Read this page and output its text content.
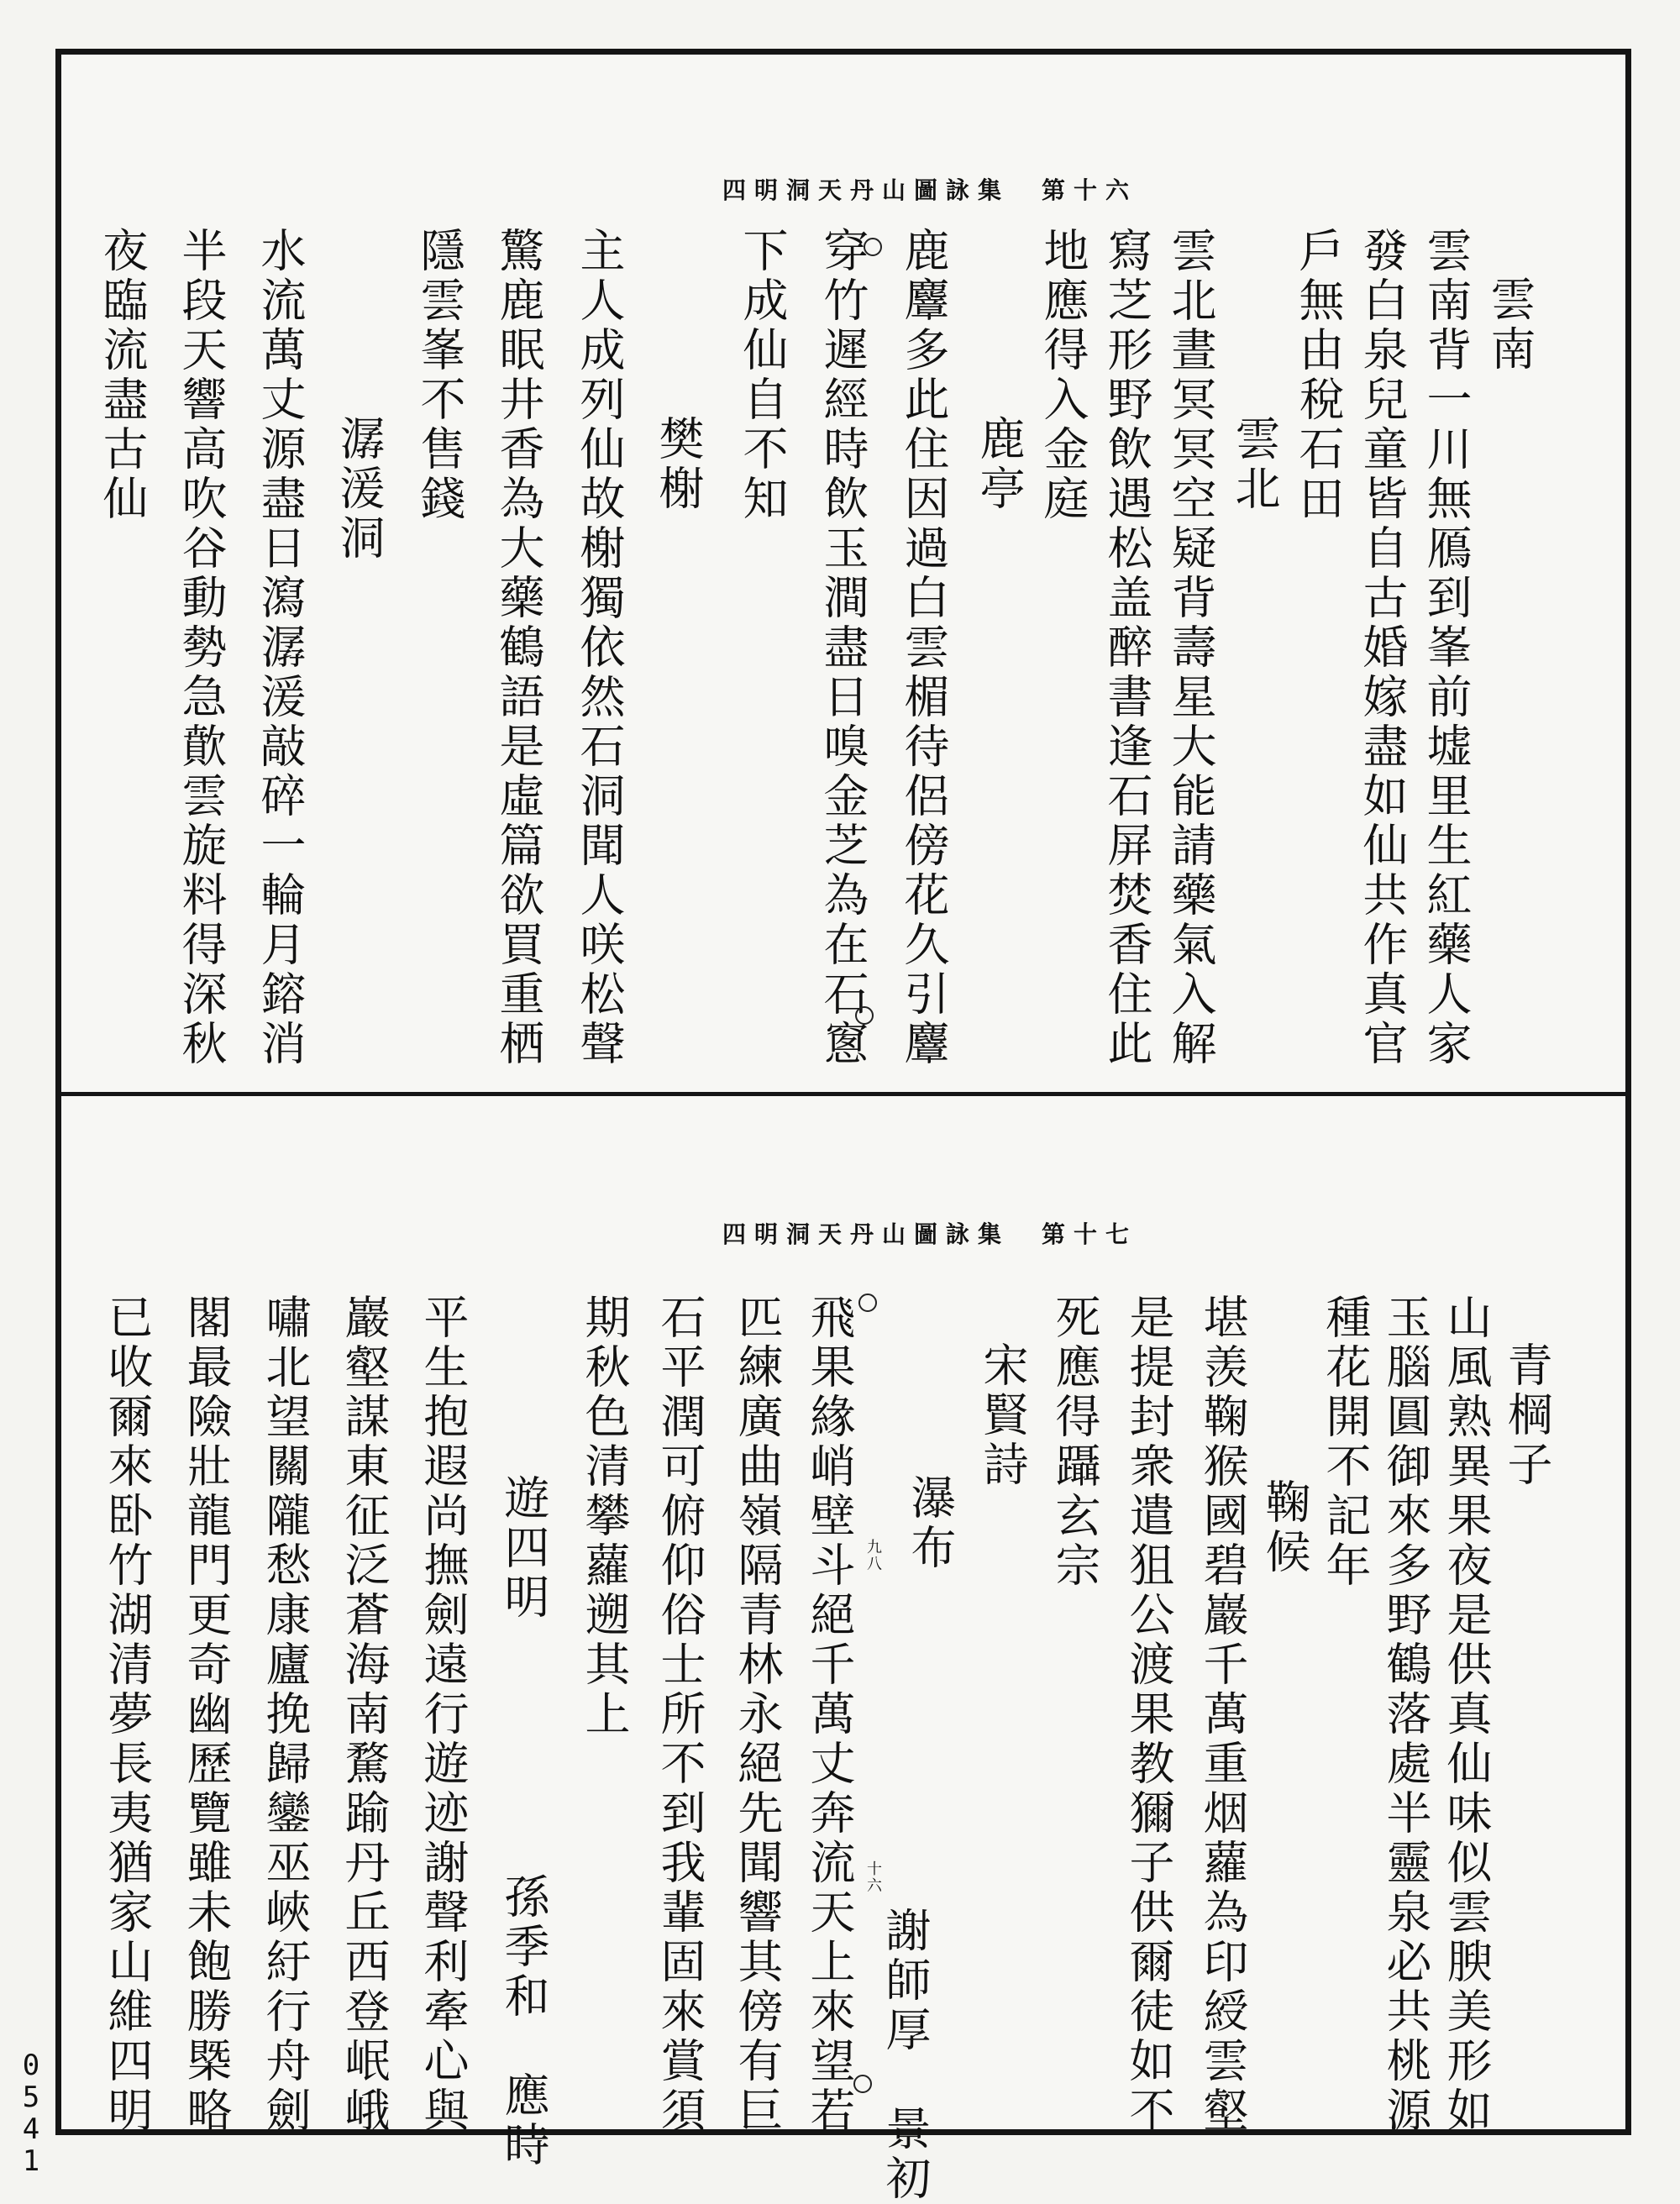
四明洞天丹山圖詠集　第十六
雲南
雲南背一川無鴈到峯前墟里生紅藥人家
發白泉兒童皆自古婚嫁盡如仙共作真官
戶無由稅石田
雲北
雲北晝冥冥空疑背壽星大能請藥氣入解
寫芝形野飲遇松盖醉書逢石屏焚香住此
地應得入金庭
鹿亭
鹿麞多此住因過白雲楣待侶傍花久引麞
穿竹遲經時飲玉澗盡日嗅金芝為在石窻
下成仙自不知
樊榭
主人成列仙故榭獨依然石洞聞人咲松聲
驚鹿眠井香為大藥鶴語是虛篇欲買重栖
隱雲峯不售錢
潺湲洞
水流萬丈源盡日瀉潺湲敲碎一輪月鎔消
半段天響高吹谷動勢急歕雲旋料得深秋
夜臨流盡古仙
四明洞天丹山圖詠集　第十七
青棡子
山風熟異果夜是供真仙味似雲腴美形如
玉腦圓御來多野鶴落處半靈泉必共桃源
種花開不記年
鞠候
堪羡鞠猴國碧巖千萬重烟蘿為印綬雲壑
是提封衆遣狙公渡果教獮子供爾徒如不
死應得躡玄宗
宋賢詩
瀑布
謝師厚　景初
飛果緣峭壁斗絕千萬丈奔流天上來望若
匹練廣曲嶺隔青林永絕先聞響其傍有巨
石平潤可俯仰俗士所不到我輩固來賞須
期秋色清攀蘿遡其上
遊四明
孫季和　應時
平生抱遐尚撫劍遠行遊迹謝聲利牽心與
巖壑謀東征泛蒼海南騖踰丹丘西登岷峨
嘯北望關隴愁康廬挽歸鑾巫峽紆行舟劍
閣最險壯龍門更奇幽歷覽雖未飽勝槩略
已收爾來卧竹湖清夢長夷猶家山維四明	九八
十六
0
5
4
1
